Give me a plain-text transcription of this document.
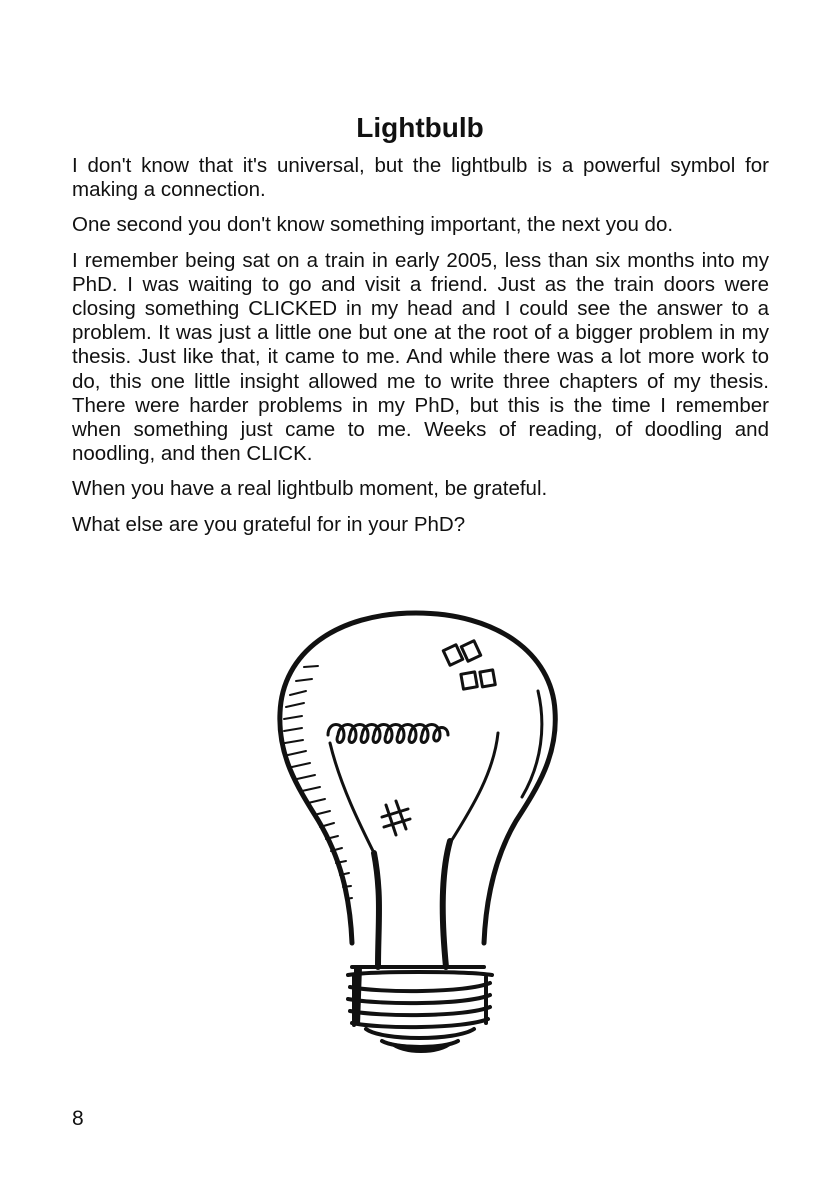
Lightbulb

I don't know that it's universal, but the lightbulb is a powerful symbol for making a connection.

One second you don't know something important, the next you do.

I remember being sat on a train in early 2005, less than six months into my PhD. I was waiting to go and visit a friend. Just as the train doors were closing something CLICKED in my head and I could see the answer to a problem. It was just a little one but one at the root of a bigger problem in my thesis. Just like that, it came to me. And while there was a lot more work to do, this one little insight allowed me to write three chapters of my thesis. There were harder problems in my PhD, but this is the time I remember when something just came to me. Weeks of reading, of doodling and noodling, and then CLICK.

When you have a real lightbulb moment, be grateful.

What else are you grateful for in your PhD?

8
